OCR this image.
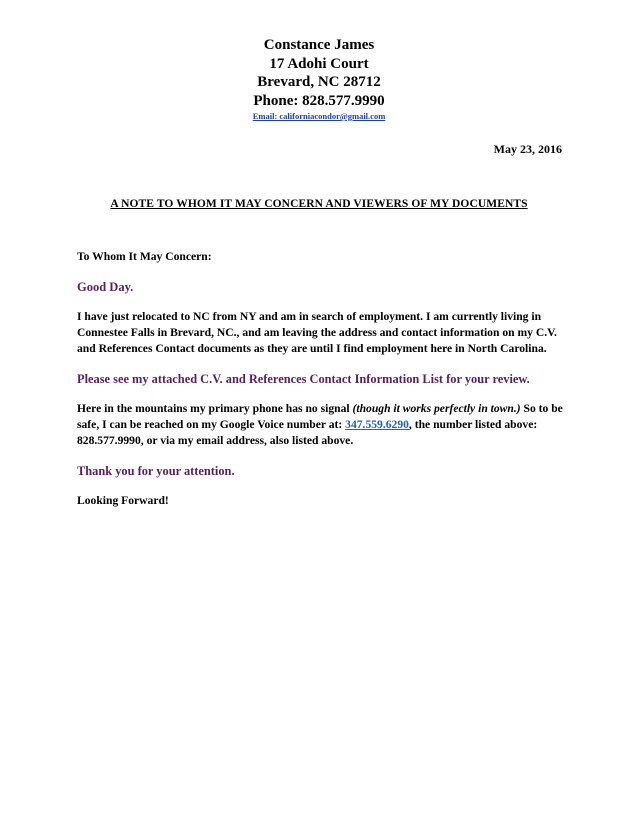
Constance James
17 Adohi Court
Brevard, NC 28712
Phone: 828.577.9990
Email: californiacondor@gmail.com
May 23, 2016
A NOTE TO WHOM IT MAY CONCERN AND VIEWERS OF MY DOCUMENTS

To Whom It May Concern:

Good Day.

I have just relocated to NC from NY and am in search of employment. I am currently living in Connestee Falls in Brevard, NC., and am leaving the address and contact information on my C.V. and References Contact documents as they are until I find employment here in North Carolina.

Please see my attached C.V. and References Contact Information List for your review.

Here in the mountains my primary phone has no signal (though it works perfectly in town.) So to be safe, I can be reached on my Google Voice number at: 347.559.6290, the number listed above: 828.577.9990, or via my email address, also listed above.

Thank you for your attention.

Looking Forward!
